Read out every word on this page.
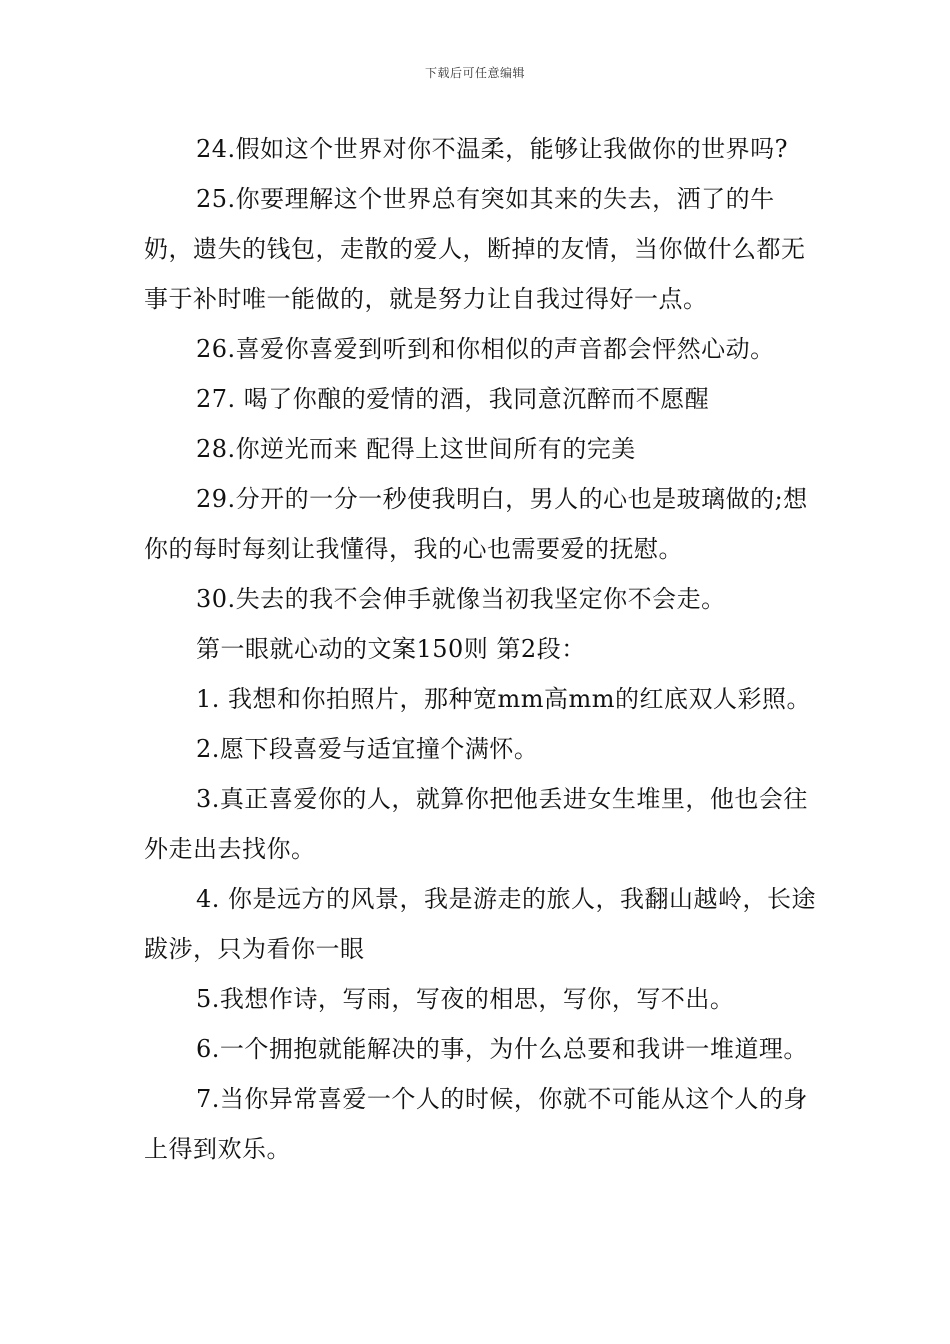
下载后可任意编辑

24.假如这个世界对你不温柔，能够让我做你的世界吗?

25.你要理解这个世界总有突如其来的失去，洒了的牛奶，遗失的钱包，走散的爱人，断掉的友情，当你做什么都无事于补时唯一能做的，就是努力让自我过得好一点。

26.喜爱你喜爱到听到和你相似的声音都会怦然心动。

27. 喝了你酿的爱情的酒，我同意沉醉而不愿醒

28.你逆光而来 配得上这世间所有的完美

29.分开的一分一秒使我明白，男人的心也是玻璃做的;想你的每时每刻让我懂得，我的心也需要爱的抚慰。

30.失去的我不会伸手就像当初我坚定你不会走。

第一眼就心动的文案150则 第2段：

1. 我想和你拍照片，那种宽mm高mm的红底双人彩照。

2.愿下段喜爱与适宜撞个满怀。

3.真正喜爱你的人，就算你把他丢进女生堆里，他也会往外走出去找你。

4. 你是远方的风景，我是游走的旅人，我翻山越岭，长途跋涉，只为看你一眼

5.我想作诗，写雨，写夜的相思，写你，写不出。

6.一个拥抱就能解决的事，为什么总要和我讲一堆道理。

7.当你异常喜爱一个人的时候，你就不可能从这个人的身上得到欢乐。
